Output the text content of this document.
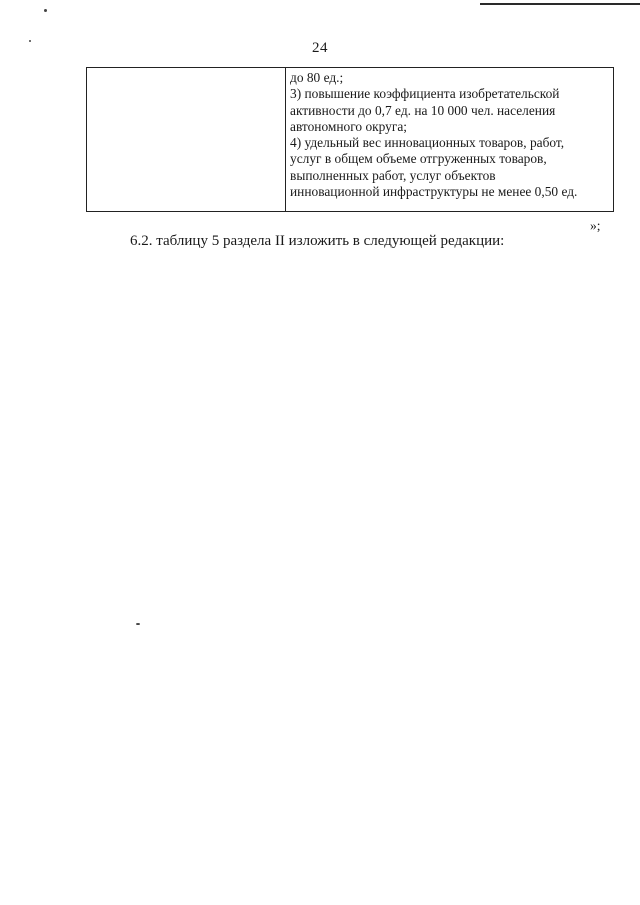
24

до 80 ед.;
3) повышение коэффициента изобретательской
активности до 0,7 ед. на 10 000 чел. населения
автономного округа;
4) удельный вес инновационных товаров, работ,
услуг в общем объеме отгруженных товаров,
выполненных работ, услуг объектов
инновационной инфраструктуры не менее 0,50 ед.
»;
6.2. таблицу 5 раздела II изложить в следующей редакции:
